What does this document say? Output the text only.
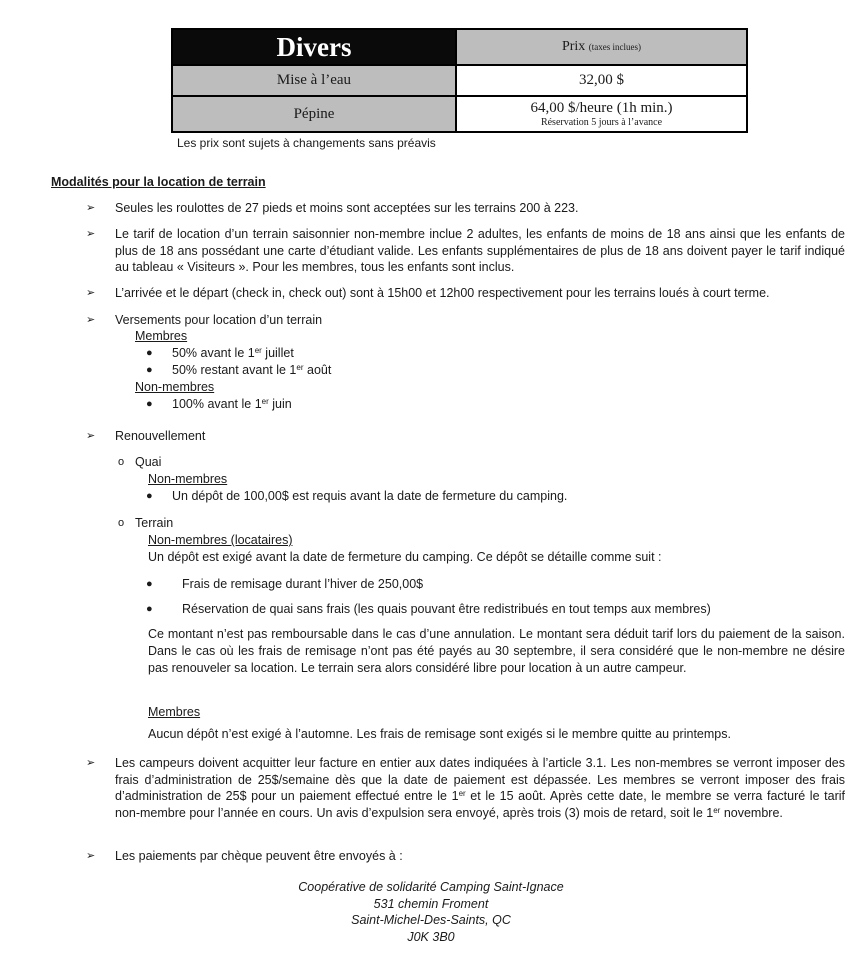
Divers	Prix (taxes inclues)
Mise à l’eau	32,00 $
Pépine	64,00 $/heure (1h min.)
Réservation 5 jours à l’avance
Les prix sont sujets à changements sans préavis
Modalités pour la location de terrain
➢ Seules les roulottes de 27 pieds et moins sont acceptées sur les terrains 200 à 223.
➢ Le tarif de location d’un terrain saisonnier non-membre inclue 2 adultes, les enfants de moins de 18 ans ainsi que les enfants de plus de 18 ans possédant une carte d’étudiant valide. Les enfants supplémentaires de plus de 18 ans doivent payer le tarif indiqué au tableau « Visiteurs ». Pour les membres, tous les enfants sont inclus.
➢ L’arrivée et le départ (check in, check out) sont à 15h00 et 12h00 respectivement pour les terrains loués à court terme.
➢ Versements pour location d’un terrain
Membres
● 50% avant le 1er juillet
● 50% restant avant le 1er août
Non-membres
● 100% avant le 1er juin
➢ Renouvellement
o Quai
Non-membres
● Un dépôt de 100,00$ est requis avant la date de fermeture du camping.
o Terrain
Non-membres (locataires)
Un dépôt est exigé avant la date de fermeture du camping. Ce dépôt se détaille comme suit :
● Frais de remisage durant l’hiver de 250,00$
● Réservation de quai sans frais (les quais pouvant être redistribués en tout temps aux membres)
Ce montant n’est pas remboursable dans le cas d’une annulation. Le montant sera déduit tarif lors du paiement de la saison. Dans le cas où les frais de remisage n’ont pas été payés au 30 septembre, il sera considéré que le non-membre ne désire pas renouveler sa location. Le terrain sera alors considéré libre pour location à un autre campeur.
Membres
Aucun dépôt n’est exigé à l’automne. Les frais de remisage sont exigés si le membre quitte au printemps.
➢ Les campeurs doivent acquitter leur facture en entier aux dates indiquées à l’article 3.1. Les non-membres se verront imposer des frais d’administration de 25$/semaine dès que la date de paiement est dépassée. Les membres se verront imposer des frais d’administration de 25$ pour un paiement effectué entre le 1er et le 15 août. Après cette date, le membre se verra facturé le tarif non-membre pour l’année en cours. Un avis d’expulsion sera envoyé, après trois (3) mois de retard, soit le 1er novembre.
➢ Les paiements par chèque peuvent être envoyés à :
Coopérative de solidarité Camping Saint-Ignace
531 chemin Froment
Saint-Michel-Des-Saints, QC
J0K 3B0
